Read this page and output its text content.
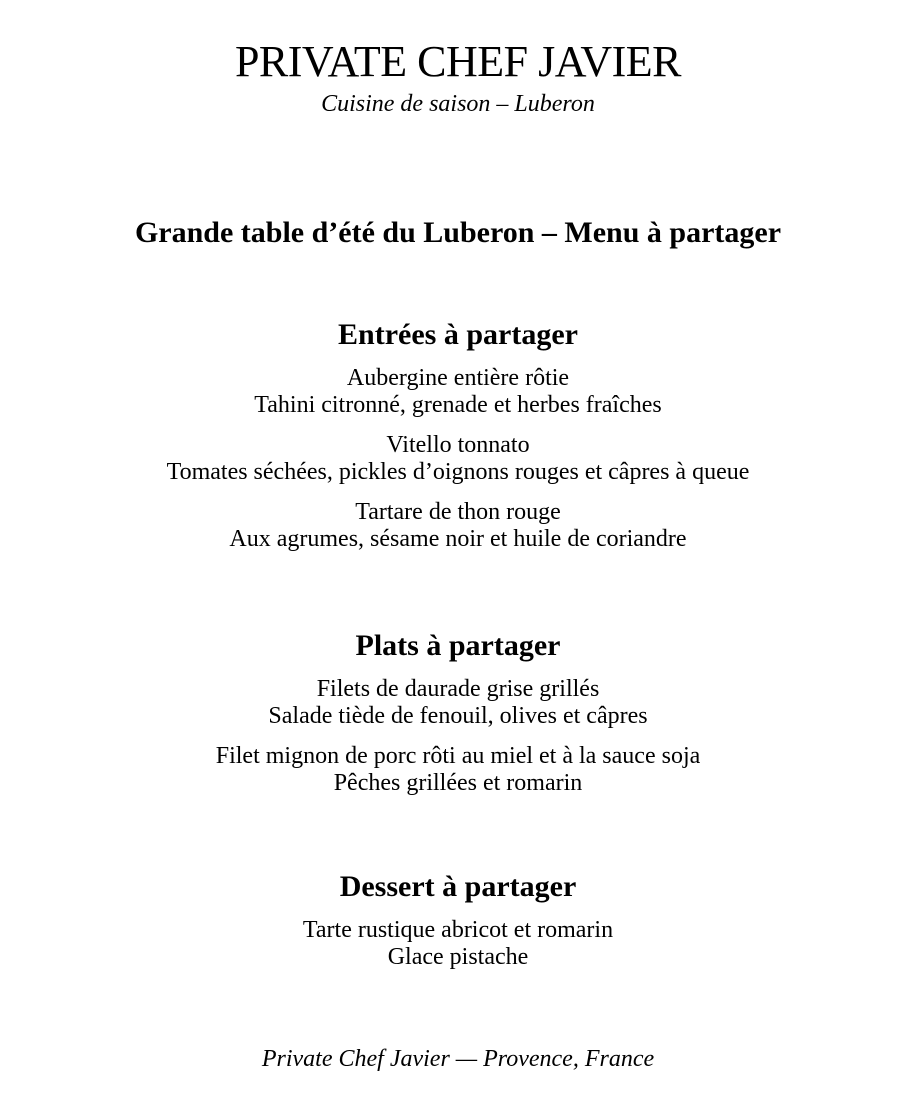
PRIVATE CHEF JAVIER
Cuisine de saison – Luberon
Grande table d’été du Luberon – Menu à partager
Entrées à partager
Aubergine entière rôtie
Tahini citronné, grenade et herbes fraîches
Vitello tonnato
Tomates séchées, pickles d’oignons rouges et câpres à queue
Tartare de thon rouge
Aux agrumes, sésame noir et huile de coriandre
Plats à partager
Filets de daurade grise grillés
Salade tiède de fenouil, olives et câpres
Filet mignon de porc rôti au miel et à la sauce soja
Pêches grillées et romarin
Dessert à partager
Tarte rustique abricot et romarin
Glace pistache
Private Chef Javier — Provence, France
